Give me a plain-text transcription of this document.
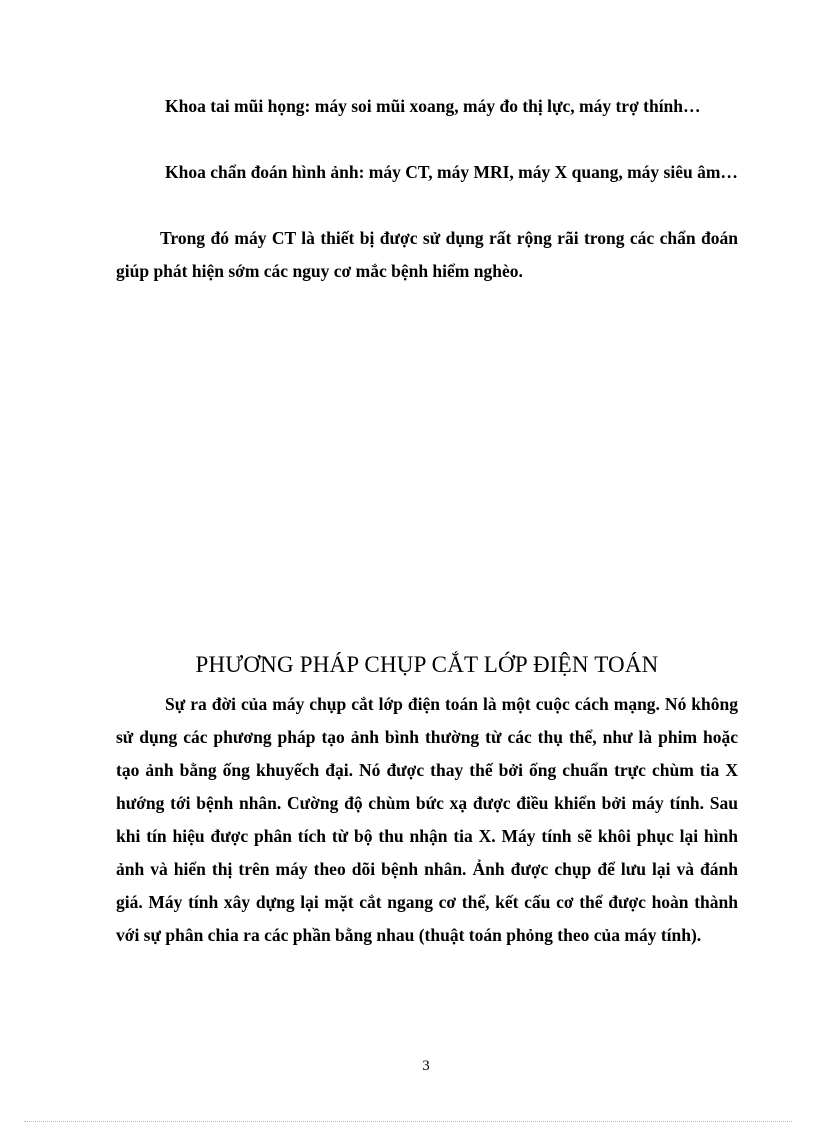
Khoa tai mũi họng: máy soi mũi xoang, máy đo thị lực, máy trợ thính…

Khoa chẩn đoán hình ảnh: máy CT, máy MRI, máy X quang, máy siêu âm…

Trong đó máy CT là thiết bị được sử dụng rất rộng rãi trong các chẩn đoán giúp phát hiện sớm các nguy cơ mắc bệnh hiểm nghèo.

PHƯƠNG PHÁP CHỤP CẮT LỚP ĐIỆN TOÁN

Sự ra đời của máy chụp cắt lớp điện toán là một cuộc cách mạng. Nó không sử dụng các phương pháp tạo ảnh bình thường từ các thụ thể, như là phim hoặc tạo ảnh bằng ống khuyếch đại. Nó được thay thế bởi ống chuẩn trực chùm tia X hướng tới bệnh nhân. Cường độ chùm bức xạ được điều khiển bởi máy tính. Sau khi tín hiệu được phân tích từ bộ thu nhận tia X. Máy tính sẽ khôi phục lại hình ảnh và hiển thị trên máy theo dõi bệnh nhân. Ảnh được chụp để lưu lại và đánh giá. Máy tính xây dựng lại mặt cắt ngang cơ thể, kết cấu cơ thể được hoàn thành với sự phân chia ra các phần bằng nhau (thuật toán phỏng theo của máy tính).

3
